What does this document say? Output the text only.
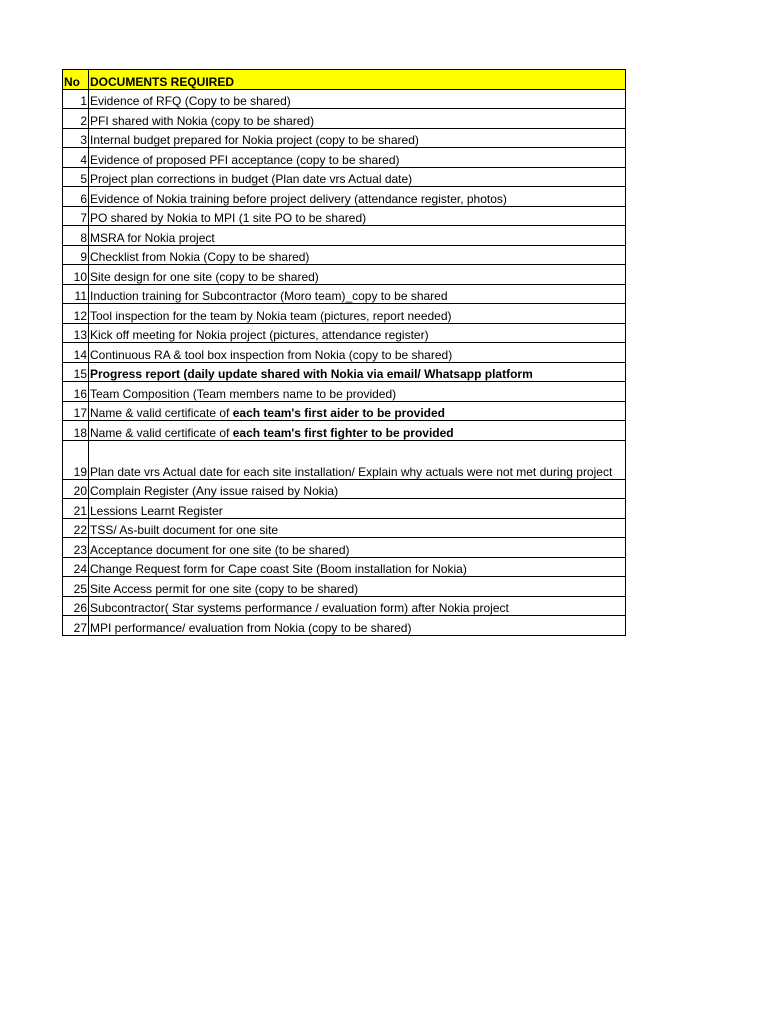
No	DOCUMENTS REQUIRED
1	Evidence of RFQ (Copy to be shared)
2	PFI shared with Nokia (copy to be shared)
3	Internal budget prepared for Nokia project (copy to be shared)
4	Evidence of proposed PFI acceptance (copy to be shared)
5	Project plan corrections in budget (Plan date vrs Actual date)
6	Evidence of Nokia training before project delivery (attendance register, photos)
7	PO shared by Nokia to MPI (1 site PO to be shared)
8	MSRA for Nokia project
9	Checklist from Nokia (Copy to be shared)
10	Site design for one site (copy to be shared)
11	Induction training for Subcontractor (Moro team)_copy to be shared
12	Tool inspection for the team by Nokia team (pictures, report needed)
13	Kick off meeting for Nokia project (pictures, attendance register)
14	Continuous RA & tool box inspection from Nokia (copy to be shared)
15	Progress report (daily update shared with Nokia via email/ Whatsapp platform
16	Team Composition (Team members name to be provided)
17	Name & valid certificate of each team's first aider to be provided
18	Name & valid certificate of each team's first fighter to be provided
19	Plan date vrs Actual date for each site installation/ Explain why actuals were not met during project
20	Complain Register (Any issue raised by Nokia)
21	Lessions Learnt Register
22	TSS/ As-built document for one site
23	Acceptance document for one site (to be shared)
24	Change Request form for Cape coast Site (Boom installation for Nokia)
25	Site Access permit for one site (copy to be shared)
26	Subcontractor( Star systems performance / evaluation form) after Nokia project
27	MPI performance/ evaluation from Nokia (copy to be shared)
